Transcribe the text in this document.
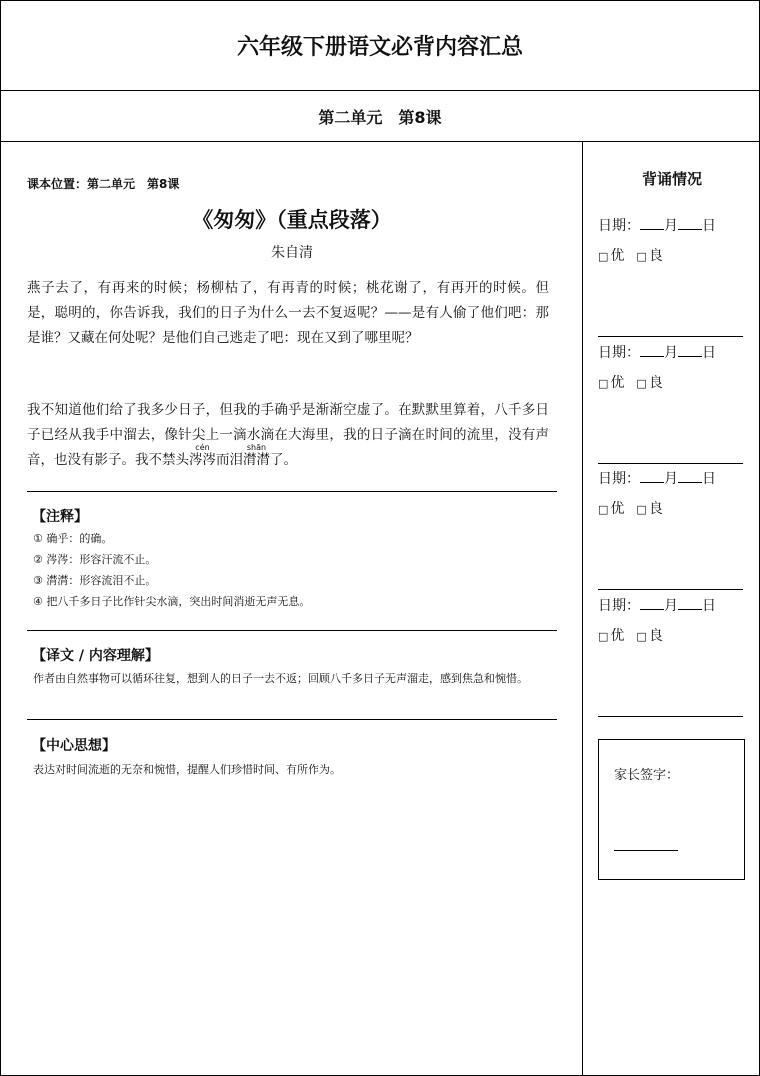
六年级下册语文必背内容汇总
第二单元　第8课
课本位置：第二单元　第8课
《匆匆》（重点段落）
朱自清
燕子去了，有再来的时候；杨柳枯了，有再青的时候；桃花谢了，有再开的时候。但是，聪明的，你告诉我，我们的日子为什么一去不复返呢？——是有人偷了他们吧：那是谁？又藏在何处呢？是他们自己逃走了吧：现在又到了哪里呢？
我不知道他们给了我多少日子，但我的手确乎是渐渐空虚了。在默默里算着，八千多日子已经从我手中溜去，像针尖上一滴水滴在大海里，我的日子滴在时间的流里，没有声音，也没有影子。我不禁头涔涔cén而泪潸潸shān了。
【注释】
① 确乎：的确。
② 涔涔：形容汗流不止。
③ 潸潸：形容流泪不止。
④ 把八千多日子比作针尖水滴，突出时间消逝无声无息。
【译文 / 内容理解】
作者由自然事物可以循环往复，想到人的日子一去不返；回顾八千多日子无声溜走，感到焦急和惋惜。
【中心思想】
表达对时间流逝的无奈和惋惜，提醒人们珍惜时间、有所作为。
背诵情况
日期： 月 日
□ 优 □ 良
日期： 月 日
□ 优 □ 良
日期： 月 日
□ 优 □ 良
日期： 月 日
□ 优 □ 良
家长签字：
